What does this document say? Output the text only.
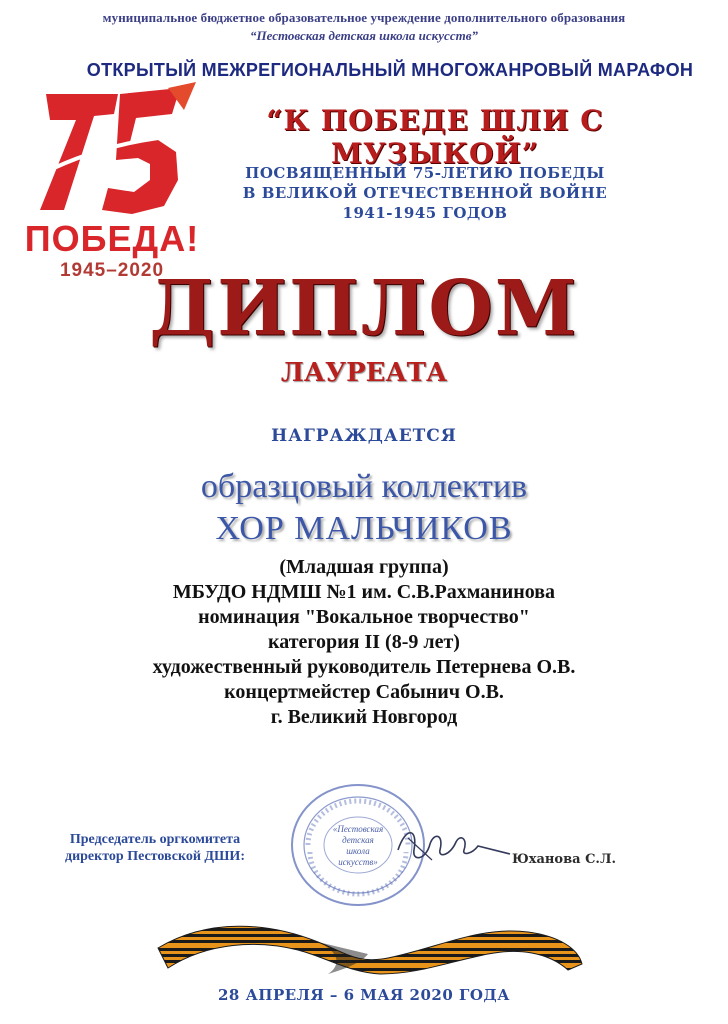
муниципальное бюджетное образовательное учреждение дополнительного образования
“Пестовская детская школа искусств”
ОТКРЫТЫЙ МЕЖРЕГИОНАЛЬНЫЙ МНОГОЖАНРОВЫЙ МАРАФОН
ПОБЕДА!
1945–2020
“К ПОБЕДЕ ШЛИ С МУЗЫКОЙ”
ПОСВЯЩЕННЫЙ 75-ЛЕТИЮ ПОБЕДЫ
В ВЕЛИКОЙ ОТЕЧЕСТВЕННОЙ ВОЙНЕ
1941-1945 ГОДОВ
ДИПЛОМ
ЛАУРЕАТА
НАГРАЖДАЕТСЯ
образцовый коллектив
ХОР МАЛЬЧИКОВ
(Младшая группа)
МБУДО НДМШ №1 им. С.В.Рахманинова
номинация "Вокальное творчество"
категория II (8-9 лет)
художественный руководитель Петернева О.В.
концертмейстер Сабынич О.В.
г. Великий Новгород
Председатель оргкомитета
директор Пестовской ДШИ:
«Пестовская
детская
школа
искусств»	Юханова С.Л.
28 АПРЕЛЯ – 6 МАЯ 2020 ГОДА
